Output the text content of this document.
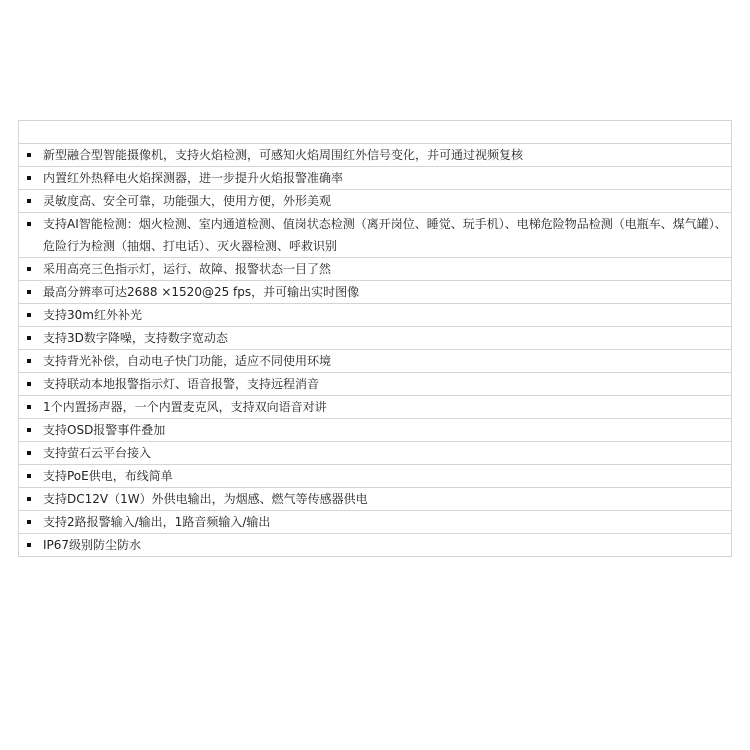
新型融合型智能摄像机，支持火焰检测，可感知火焰周围红外信号变化，并可通过视频复核

内置红外热释电火焰探测器，进一步提升火焰报警准确率

灵敏度高、安全可靠，功能强大，使用方便，外形美观

支持AI智能检测：烟火检测、室内通道检测、值岗状态检测（离开岗位、睡觉、玩手机）、电梯危险物品检测（电瓶车、煤气罐）、危险行为检测（抽烟、打电话）、灭火器检测、呼救识别

采用高亮三色指示灯，运行、故障、报警状态一目了然

最高分辨率可达2688 ×1520@25 fps，并可输出实时图像

支持30m红外补光

支持3D数字降噪，支持数字宽动态

支持背光补偿，自动电子快门功能，适应不同使用环境

支持联动本地报警指示灯、语音报警，支持远程消音

1个内置扬声器，一个内置麦克风，支持双向语音对讲

支持OSD报警事件叠加

支持萤石云平台接入

支持PoE供电，布线简单

支持DC12V（1W）外供电输出，为烟感、燃气等传感器供电

支持2路报警输入/输出，1路音频输入/输出

IP67级别防尘防水
